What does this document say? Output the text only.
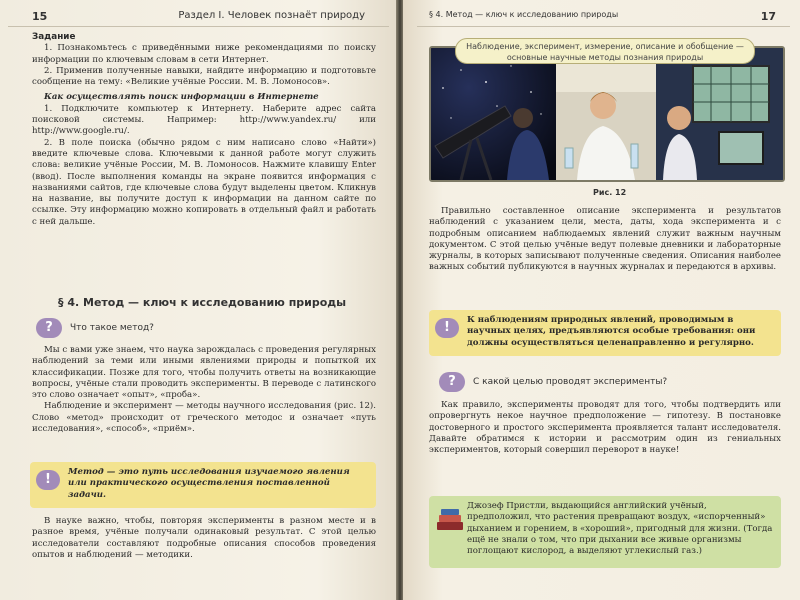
15	Раздел I. Человек познаёт природу
Задание

1. Познакомьтесь с приведёнными ниже рекомендациями по поиску информации по ключевым словам в сети Интернет.

2. Применив полученные навыки, найдите информацию и подготовьте сообщение на тему: «Великие учёные России. М. В. Ломоносов».

Как осуществлять поиск информации в Интернете

1. Подключите компьютер к Интернету. Наберите адрес сайта поисковой системы. Например: http://www.yandex.ru/ или http://www.google.ru/.

2. В поле поиска (обычно рядом с ним написано слово «Найти») введите ключевые слова. Ключевыми к данной работе могут служить слова: великие учёные России, М. В. Ломоносов. Нажмите клавишу Enter (ввод). После выполнения команды на экране появится информация с названиями сайтов, где ключевые слова будут выделены цветом. Кликнув на название, вы получите доступ к информации на данном сайте по ссылке. Эту информацию можно копировать в отдельный файл и работать с ней дальше.

§ 4. Метод — ключ к исследованию природы
?	Что такое метод?

Мы с вами уже знаем, что наука зарождалась с проведения регулярных наблюдений за теми или иными явлениями природы и попыткой их классификации. Позже для того, чтобы получить ответы на возникающие вопросы, учёные стали проводить эксперименты. В переводе с латинского это слово означает «опыт», «проба».

Наблюдение и эксперимент — методы научного исследования (рис. 12). Слово «метод» происходит от греческого методос и означает «путь исследования», «способ», «приём».

!	Метод — это путь исследования изучаемого явления или практического осуществления поставленной задачи.

В науке важно, чтобы, повторяя эксперименты в разном месте и в разное время, учёные получали одинаковый результат. С этой целью исследователи составляют подробные описания способов проведения опытов и наблюдений — методики.

§ 4. Метод — ключ к исследованию природы	17
Наблюдение, эксперимент, измерение, описание и обобщение — основные научные методы познания природы
Рис. 12

Правильно составленное описание эксперимента и результатов наблюдений с указанием цели, места, даты, хода эксперимента и с подробным описанием наблюдаемых явлений служит важным научным документом. С этой целью учёные ведут полевые дневники и лабораторные журналы, в которых записывают полученные сведения. Описания наиболее важных событий публикуются в научных журналах и передаются в архивы.

!	К наблюдениям природных явлений, проводимым в научных целях, предъявляются особые требования: они должны осуществляться целенаправленно и регулярно.
?	С какой целью проводят эксперименты?

Как правило, эксперименты проводят для того, чтобы подтвердить или опровергнуть некое научное предположение — гипотезу. В постановке достоверного и простого эксперимента проявляется талант исследователя. Давайте обратимся к истории и рассмотрим один из гениальных экспериментов, который совершил переворот в науке!

Джозеф Пристли, выдающийся английский учёный, предположил, что растения превращают воздух, «испорченный» дыханием и горением, в «хороший», пригодный для жизни. (Тогда ещё не знали о том, что при дыхании все живые организмы поглощают кислород, а выделяют углекислый газ.)
